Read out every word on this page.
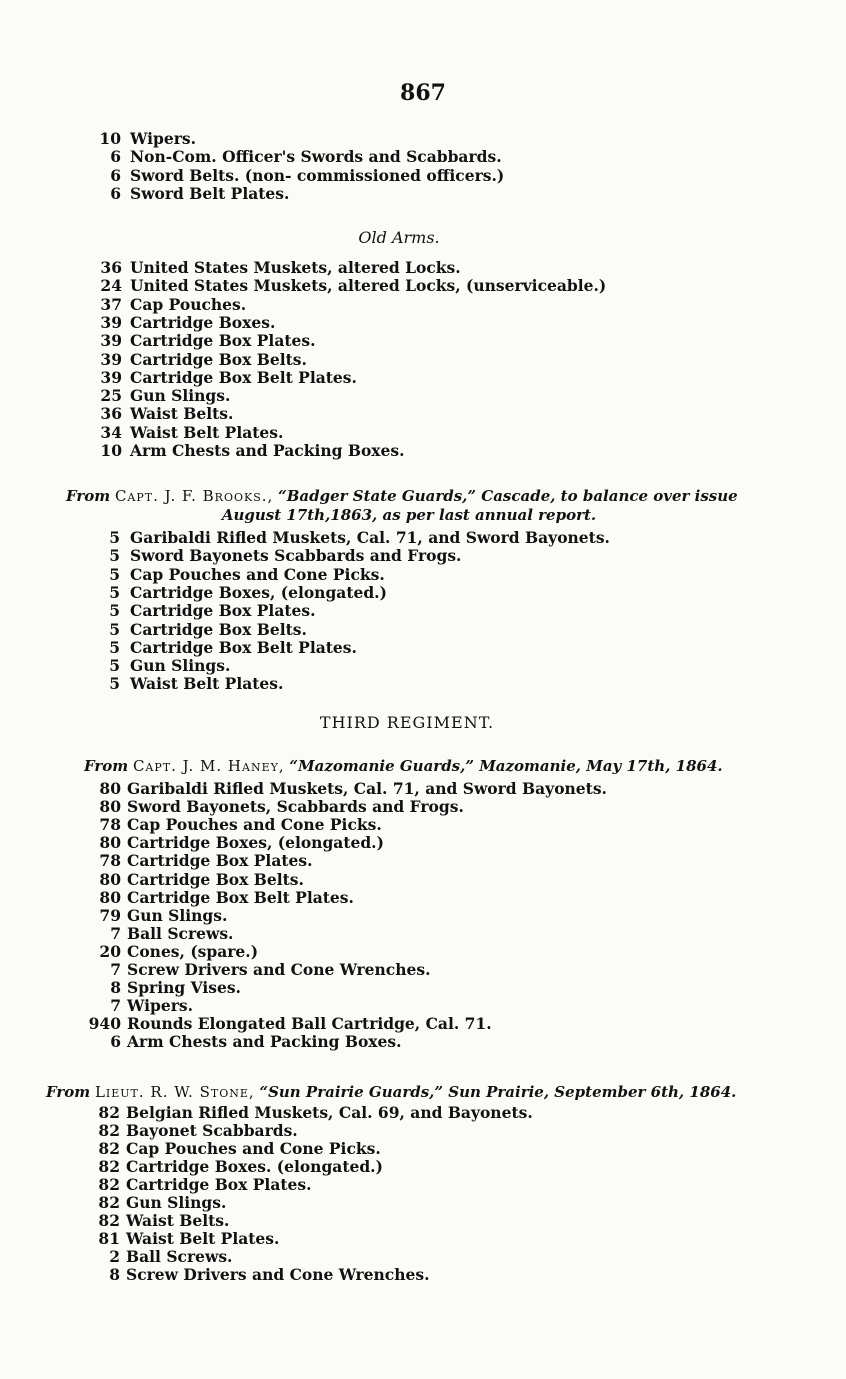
867
10 Wipers.
6 Non-Com. Officer's Swords and Scabbards.
6 Sword Belts. (non- commissioned officers.)
6 Sword Belt Plates.
Old Arms.
36 United States Muskets, altered Locks.
24 United States Muskets, altered Locks, (unserviceable.)
37 Cap Pouches.
39 Cartridge Boxes.
39 Cartridge Box Plates.
39 Cartridge Box Belts.
39 Cartridge Box Belt Plates.
25 Gun Slings.
36 Waist Belts.
34 Waist Belt Plates.
10 Arm Chests and Packing Boxes.
From Capt. J. F. Brooks., “Badger State Guards,” Cascade, to balance over issue
August 17th,1863, as per last annual report.
5 Garibaldi Rifled Muskets, Cal. 71, and Sword Bayonets.
5 Sword Bayonets Scabbards and Frogs.
5 Cap Pouches and Cone Picks.
5 Cartridge Boxes, (elongated.)
5 Cartridge Box Plates.
5 Cartridge Box Belts.
5 Cartridge Box Belt Plates.
5 Gun Slings.
5 Waist Belt Plates.
THIRD REGIMENT.
From Capt. J. M. Haney, “Mazomanie Guards,” Mazomanie, May 17th, 1864.
80 Garibaldi Rifled Muskets, Cal. 71, and Sword Bayonets.
80 Sword Bayonets, Scabbards and Frogs.
78 Cap Pouches and Cone Picks.
80 Cartridge Boxes, (elongated.)
78 Cartridge Box Plates.
80 Cartridge Box Belts.
80 Cartridge Box Belt Plates.
79 Gun Slings.
7 Ball Screws.
20 Cones, (spare.)
7 Screw Drivers and Cone Wrenches.
8 Spring Vises.
7 Wipers.
940 Rounds Elongated Ball Cartridge, Cal. 71.
6 Arm Chests and Packing Boxes.
From Lieut. R. W. Stone, “Sun Prairie Guards,” Sun Prairie, September 6th, 1864.
82 Belgian Rifled Muskets, Cal. 69, and Bayonets.
82 Bayonet Scabbards.
82 Cap Pouches and Cone Picks.
82 Cartridge Boxes. (elongated.)
82 Cartridge Box Plates.
82 Gun Slings.
82 Waist Belts.
81 Waist Belt Plates.
2 Ball Screws.
8 Screw Drivers and Cone Wrenches.
